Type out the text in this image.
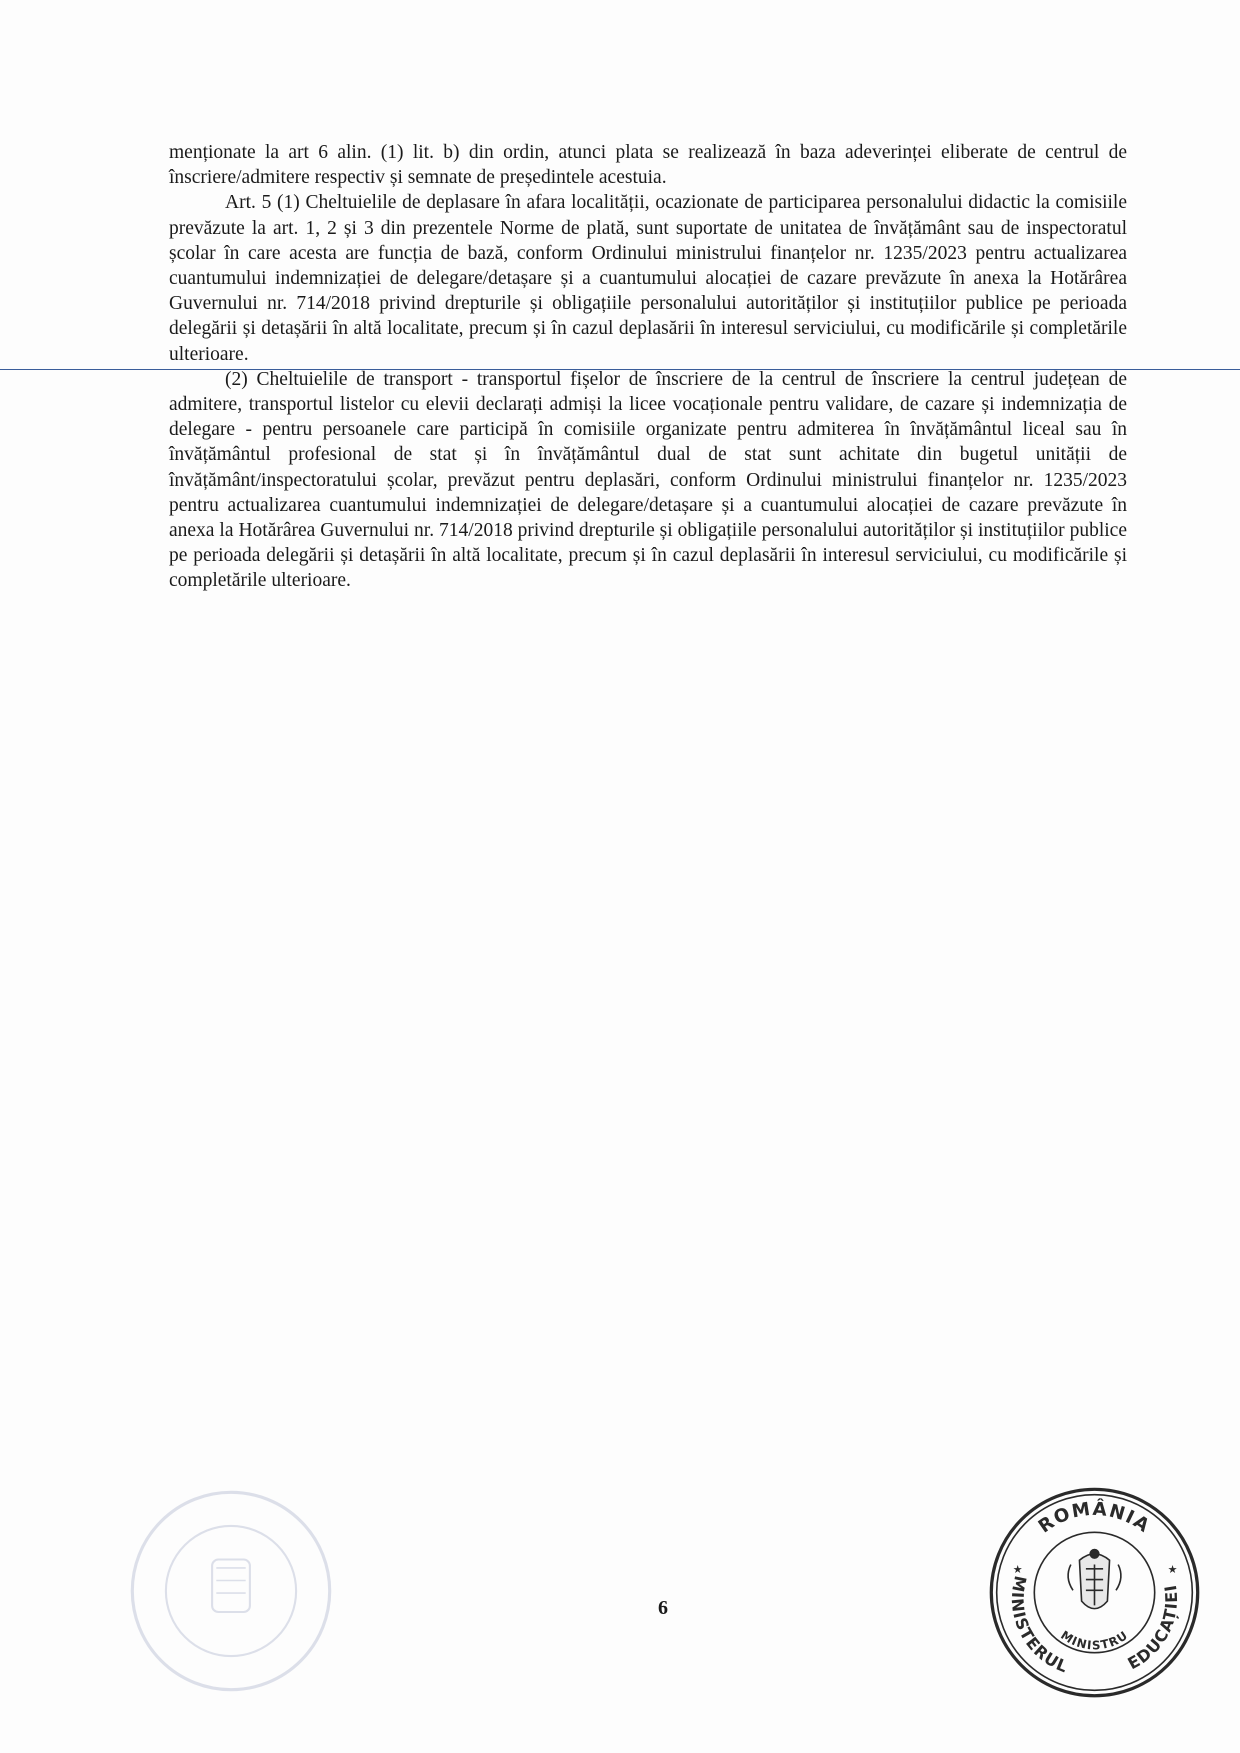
menționate la art 6 alin. (1) lit. b) din ordin, atunci plata se realizează în baza adeverinței eliberate de centrul de înscriere/admitere respectiv și semnate de președintele acestuia.

Art. 5 (1) Cheltuielile de deplasare în afara localității, ocazionate de participarea personalului didactic la comisiile prevăzute la art. 1, 2 și 3 din prezentele Norme de plată, sunt suportate de unitatea de învățământ sau de inspectoratul școlar în care acesta are funcția de bază, conform Ordinului ministrului finanțelor nr. 1235/2023 pentru actualizarea cuantumului indemnizației de delegare/detașare și a cuantumului alocației de cazare prevăzute în anexa la Hotărârea Guvernului nr. 714/2018 privind drepturile și obligațiile personalului autorităților și instituțiilor publice pe perioada delegării și detașării în altă localitate, precum și în cazul deplasării în interesul serviciului, cu modificările și completările ulterioare.

(2) Cheltuielile de transport - transportul fișelor de înscriere de la centrul de înscriere la centrul județean de admitere, transportul listelor cu elevii declarați admiși la licee vocaționale pentru validare, de cazare și indemnizația de delegare - pentru persoanele care participă în comisiile organizate pentru admiterea în învățământul liceal sau în învățământul profesional de stat și în învățământul dual de stat sunt achitate din bugetul unității de învățământ/inspectoratului școlar, prevăzut pentru deplasări, conform Ordinului ministrului finanțelor nr. 1235/2023 pentru actualizarea cuantumului indemnizației de delegare/detașare și a cuantumului alocației de cazare prevăzute în anexa la Hotărârea Guvernului nr. 714/2018 privind drepturile și obligațiile personalului autorităților și instituțiilor publice pe perioada delegării și detașării în altă localitate, precum și în cazul deplasării în interesul serviciului, cu modificările și completările ulterioare.

6
ROMÂNIA
MINISTERUL	EDUCAȚIEI
MINISTRU
★	★
